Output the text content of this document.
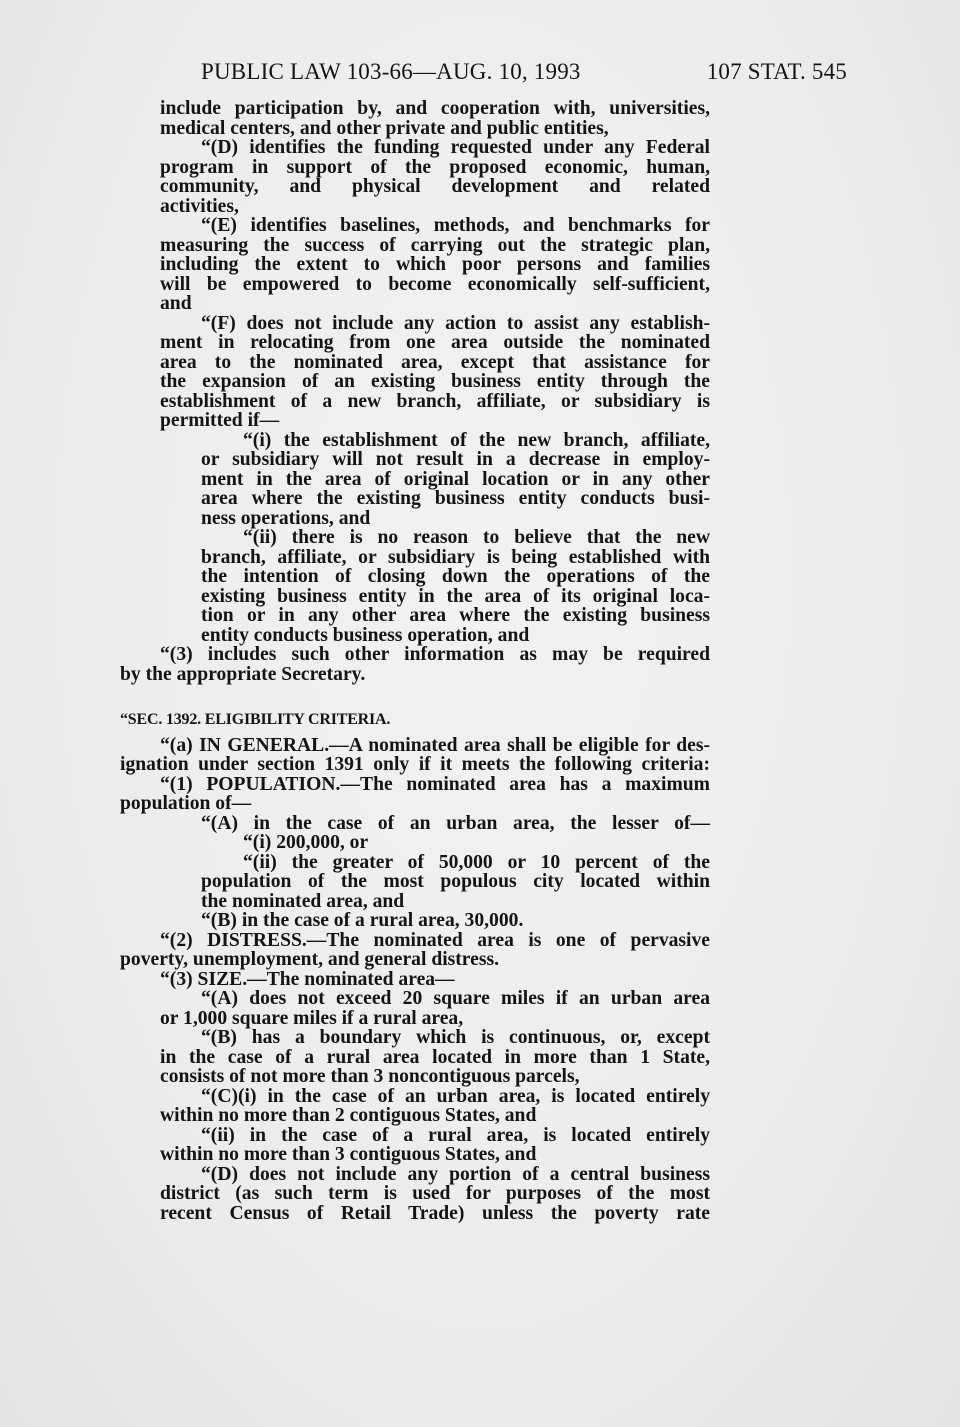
PUBLIC LAW 103-66—AUG. 10, 1993	107 STAT. 545
include participation by, and cooperation with, universities,
medical centers, and other private and public entities,
“(D) identifies the funding requested under any Federal
program in support of the proposed economic, human,
community, and physical development and related
activities,
“(E) identifies baselines, methods, and benchmarks for
measuring the success of carrying out the strategic plan,
including the extent to which poor persons and families
will be empowered to become economically self-sufficient,
and
“(F) does not include any action to assist any establish-
ment in relocating from one area outside the nominated
area to the nominated area, except that assistance for
the expansion of an existing business entity through the
establishment of a new branch, affiliate, or subsidiary is
permitted if—
“(i) the establishment of the new branch, affiliate,
or subsidiary will not result in a decrease in employ-
ment in the area of original location or in any other
area where the existing business entity conducts busi-
ness operations, and
“(ii) there is no reason to believe that the new
branch, affiliate, or subsidiary is being established with
the intention of closing down the operations of the
existing business entity in the area of its original loca-
tion or in any other area where the existing business
entity conducts business operation, and
“(3) includes such other information as may be required
by the appropriate Secretary.
“SEC. 1392. ELIGIBILITY CRITERIA.
“(a) IN GENERAL.—A nominated area shall be eligible for des-
ignation under section 1391 only if it meets the following criteria:
“(1) POPULATION.—The nominated area has a maximum
population of—
“(A) in the case of an urban area, the lesser of—
“(i) 200,000, or
“(ii) the greater of 50,000 or 10 percent of the
population of the most populous city located within
the nominated area, and
“(B) in the case of a rural area, 30,000.
“(2) DISTRESS.—The nominated area is one of pervasive
poverty, unemployment, and general distress.
“(3) SIZE.—The nominated area—
“(A) does not exceed 20 square miles if an urban area
or 1,000 square miles if a rural area,
“(B) has a boundary which is continuous, or, except
in the case of a rural area located in more than 1 State,
consists of not more than 3 noncontiguous parcels,
“(C)(i) in the case of an urban area, is located entirely
within no more than 2 contiguous States, and
“(ii) in the case of a rural area, is located entirely
within no more than 3 contiguous States, and
“(D) does not include any portion of a central business
district (as such term is used for purposes of the most
recent Census of Retail Trade) unless the poverty rate
